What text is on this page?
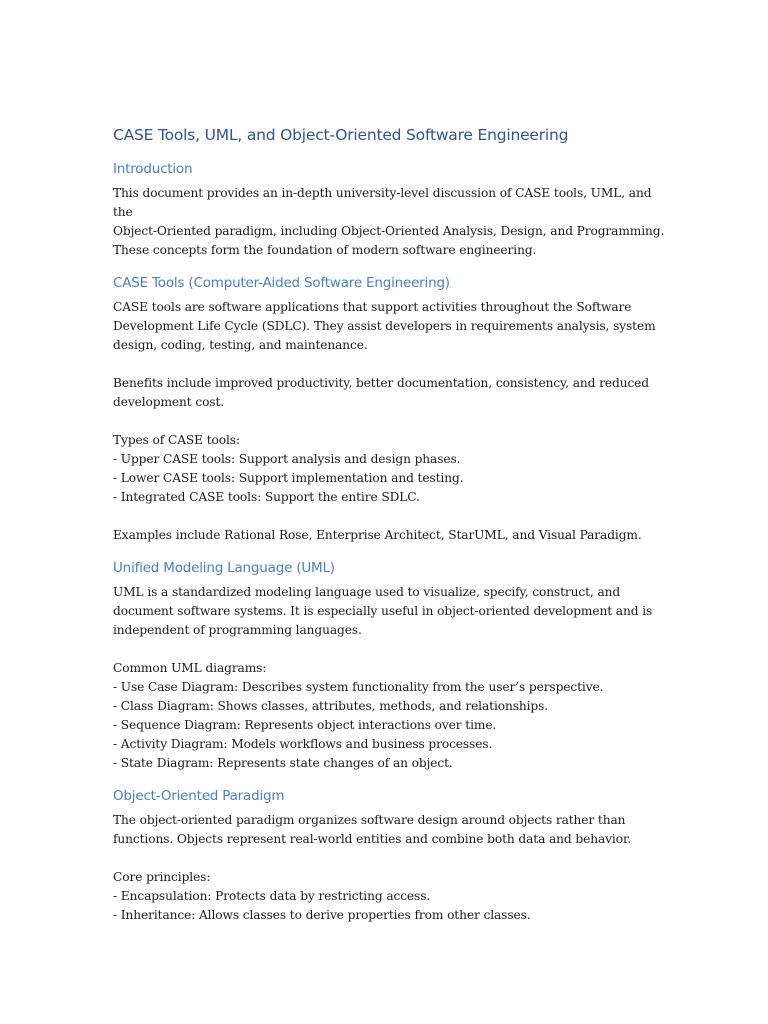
CASE Tools, UML, and Object-Oriented Software Engineering
Introduction

This document provides an in-depth university-level discussion of CASE tools, UML, and the

Object-Oriented paradigm, including Object-Oriented Analysis, Design, and Programming.

These concepts form the foundation of modern software engineering.

CASE Tools (Computer-Aided Software Engineering)

CASE tools are software applications that support activities throughout the Software

Development Life Cycle (SDLC). They assist developers in requirements analysis, system

design, coding, testing, and maintenance.

Benefits include improved productivity, better documentation, consistency, and reduced

development cost.

Types of CASE tools:

- Upper CASE tools: Support analysis and design phases.

- Lower CASE tools: Support implementation and testing.

- Integrated CASE tools: Support the entire SDLC.

Examples include Rational Rose, Enterprise Architect, StarUML, and Visual Paradigm.

Unified Modeling Language (UML)

UML is a standardized modeling language used to visualize, specify, construct, and

document software systems. It is especially useful in object-oriented development and is

independent of programming languages.

Common UML diagrams:

- Use Case Diagram: Describes system functionality from the user’s perspective.

- Class Diagram: Shows classes, attributes, methods, and relationships.

- Sequence Diagram: Represents object interactions over time.

- Activity Diagram: Models workflows and business processes.

- State Diagram: Represents state changes of an object.

Object-Oriented Paradigm

The object-oriented paradigm organizes software design around objects rather than

functions. Objects represent real-world entities and combine both data and behavior.

Core principles:

- Encapsulation: Protects data by restricting access.

- Inheritance: Allows classes to derive properties from other classes.
